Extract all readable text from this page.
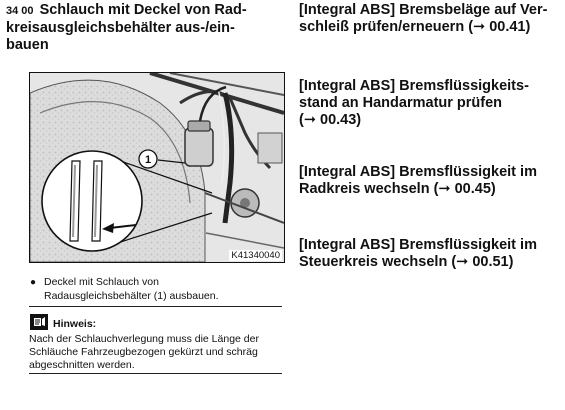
34 00 Schlauch mit Deckel von Rad-
kreisausgleichsbehälter aus-/ein-
bauen
1
K41340040
● Deckel mit Schlauch von
Radausgleichsbehälter (1) ausbauen.
Hinweis:
Nach der Schlauchverlegung muss die Länge der
Schläuche Fahrzeugbezogen gekürzt und schräg
abgeschnitten werden.
[Integral ABS] Bremsbeläge auf Ver-
schleiß prüfen/erneuern (➞ 00.41)
[Integral ABS] Bremsflüssigkeits-
stand an Handarmatur prüfen
(➞ 00.43)
[Integral ABS] Bremsflüssigkeit im
Radkreis wechseln (➞ 00.45)
[Integral ABS] Bremsflüssigkeit im
Steuerkreis wechseln (➞ 00.51)
